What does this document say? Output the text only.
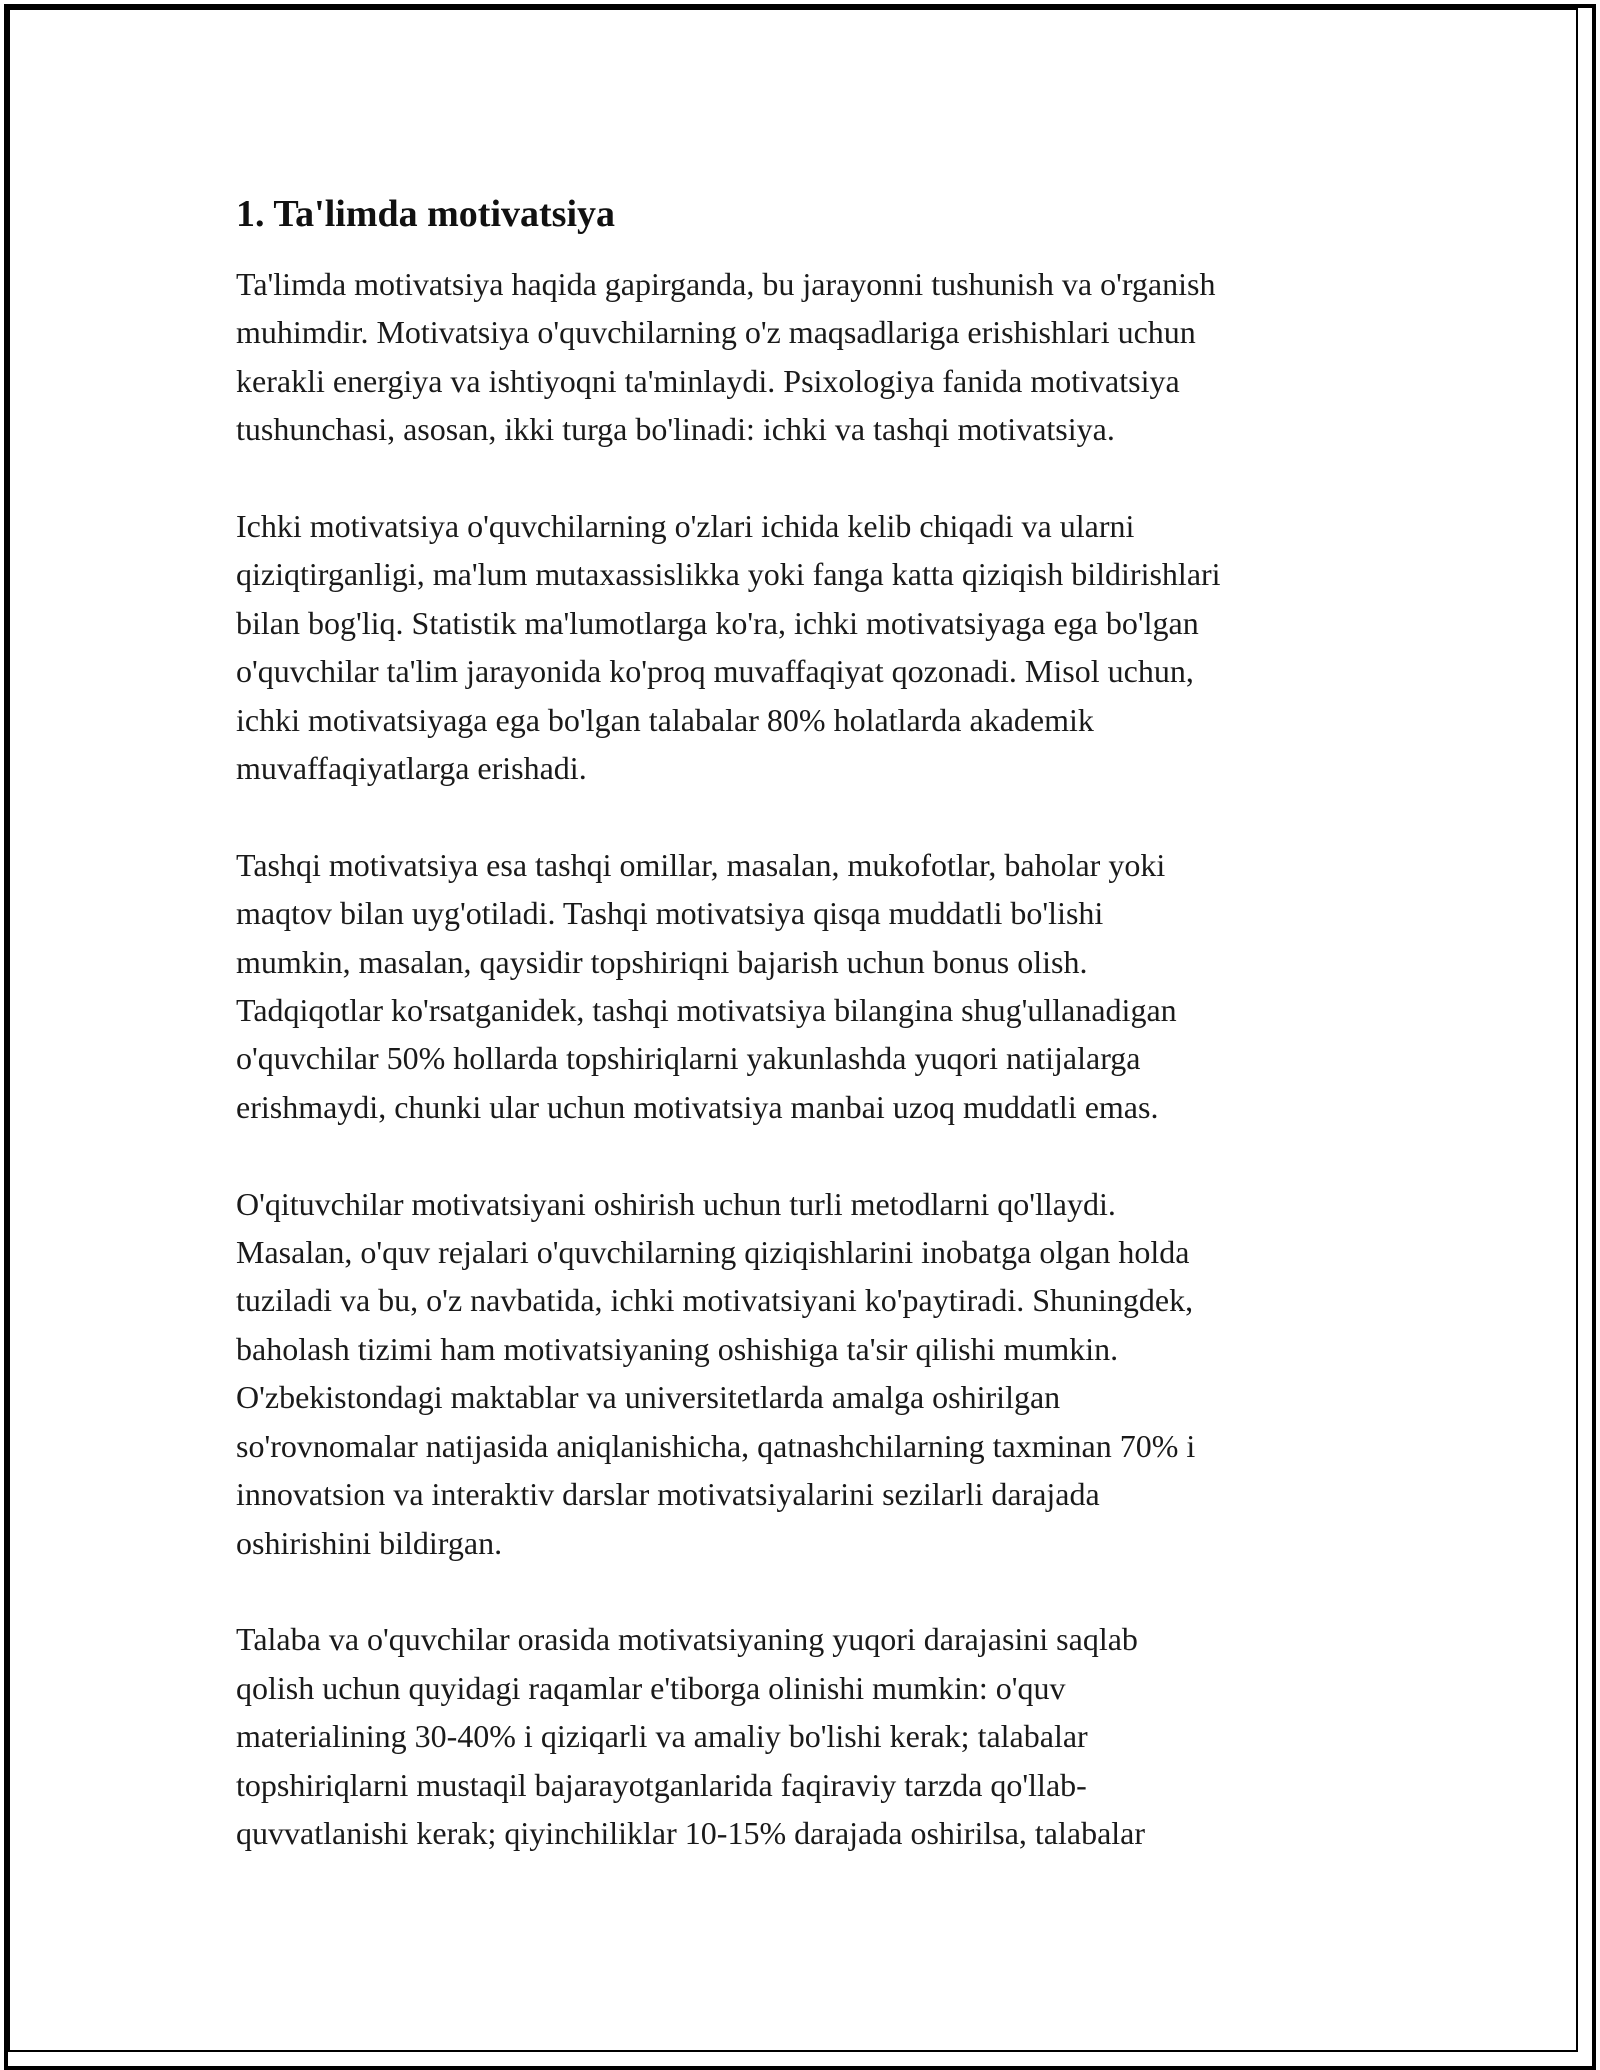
1. Ta'limda motivatsiya

Ta'limda motivatsiya haqida gapirganda, bu jarayonni tushunish va o'rganish
muhimdir. Motivatsiya o'quvchilarning o'z maqsadlariga erishishlari uchun
kerakli energiya va ishtiyoqni ta'minlaydi. Psixologiya fanida motivatsiya
tushunchasi, asosan, ikki turga bo'linadi: ichki va tashqi motivatsiya.

Ichki motivatsiya o'quvchilarning o'zlari ichida kelib chiqadi va ularni
qiziqtirganligi, ma'lum mutaxassislikka yoki fanga katta qiziqish bildirishlari
bilan bog'liq. Statistik ma'lumotlarga ko'ra, ichki motivatsiyaga ega bo'lgan
o'quvchilar ta'lim jarayonida ko'proq muvaffaqiyat qozonadi. Misol uchun,
ichki motivatsiyaga ega bo'lgan talabalar 80% holatlarda akademik
muvaffaqiyatlarga erishadi.

Tashqi motivatsiya esa tashqi omillar, masalan, mukofotlar, baholar yoki
maqtov bilan uyg'otiladi. Tashqi motivatsiya qisqa muddatli bo'lishi
mumkin, masalan, qaysidir topshiriqni bajarish uchun bonus olish.
Tadqiqotlar ko'rsatganidek, tashqi motivatsiya bilangina shug'ullanadigan
o'quvchilar 50% hollarda topshiriqlarni yakunlashda yuqori natijalarga
erishmaydi, chunki ular uchun motivatsiya manbai uzoq muddatli emas.

O'qituvchilar motivatsiyani oshirish uchun turli metodlarni qo'llaydi.
Masalan, o'quv rejalari o'quvchilarning qiziqishlarini inobatga olgan holda
tuziladi va bu, o'z navbatida, ichki motivatsiyani ko'paytiradi. Shuningdek,
baholash tizimi ham motivatsiyaning oshishiga ta'sir qilishi mumkin.
O'zbekistondagi maktablar va universitetlarda amalga oshirilgan
so'rovnomalar natijasida aniqlanishicha, qatnashchilarning taxminan 70% i
innovatsion va interaktiv darslar motivatsiyalarini sezilarli darajada
oshirishini bildirgan.

Talaba va o'quvchilar orasida motivatsiyaning yuqori darajasini saqlab
qolish uchun quyidagi raqamlar e'tiborga olinishi mumkin: o'quv
materialining 30-40% i qiziqarli va amaliy bo'lishi kerak; talabalar
topshiriqlarni mustaqil bajarayotganlarida faqiraviy tarzda qo'llab-
quvvatlanishi kerak; qiyinchiliklar 10-15% darajada oshirilsa, talabalar
